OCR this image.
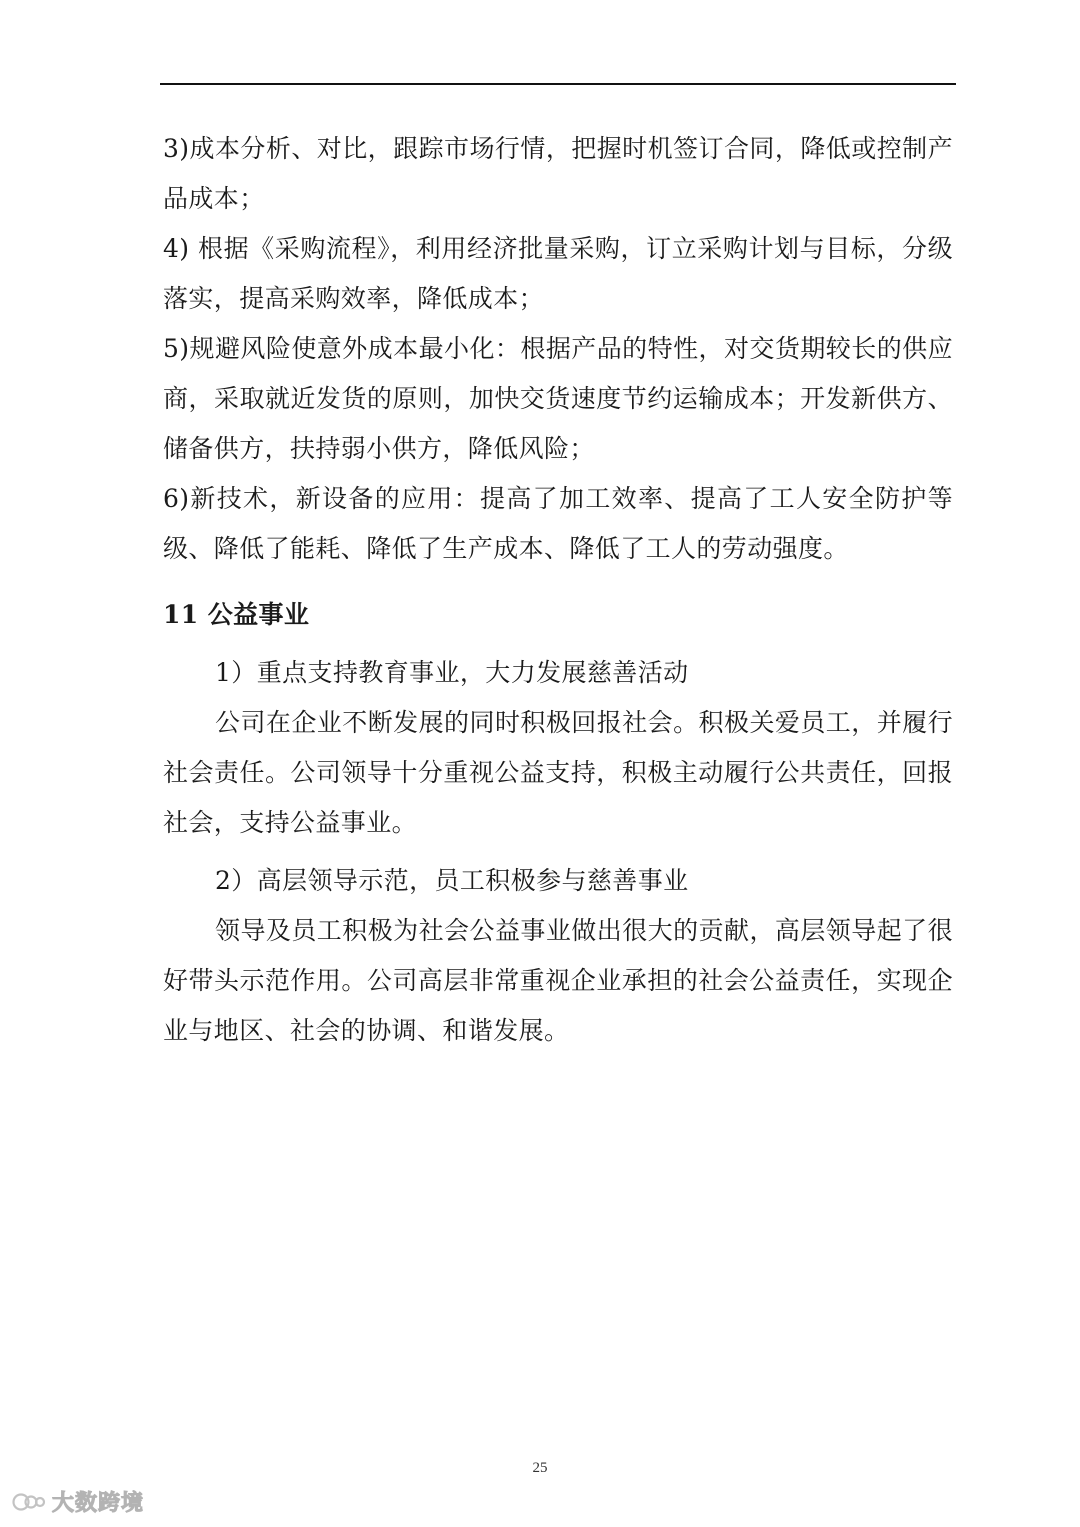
3)成本分析、对比，跟踪市场行情，把握时机签订合同，降低或控制产品成本；

4) 根据《采购流程》，利用经济批量采购，订立采购计划与目标，分级落实，提高采购效率，降低成本；

5)规避风险使意外成本最小化：根据产品的特性，对交货期较长的供应商，采取就近发货的原则，加快交货速度节约运输成本；开发新供方、储备供方，扶持弱小供方，降低风险；

6)新技术，新设备的应用：提高了加工效率、提高了工人安全防护等级、降低了能耗、降低了生产成本、降低了工人的劳动强度。

11 公益事业

1）重点支持教育事业，大力发展慈善活动

公司在企业不断发展的同时积极回报社会。积极关爱员工，并履行社会责任。公司领导十分重视公益支持，积极主动履行公共责任，回报社会，支持公益事业。

2）高层领导示范，员工积极参与慈善事业

领导及员工积极为社会公益事业做出很大的贡献，高层领导起了很好带头示范作用。公司高层非常重视企业承担的社会公益责任，实现企业与地区、社会的协调、和谐发展。

25
大数跨境
